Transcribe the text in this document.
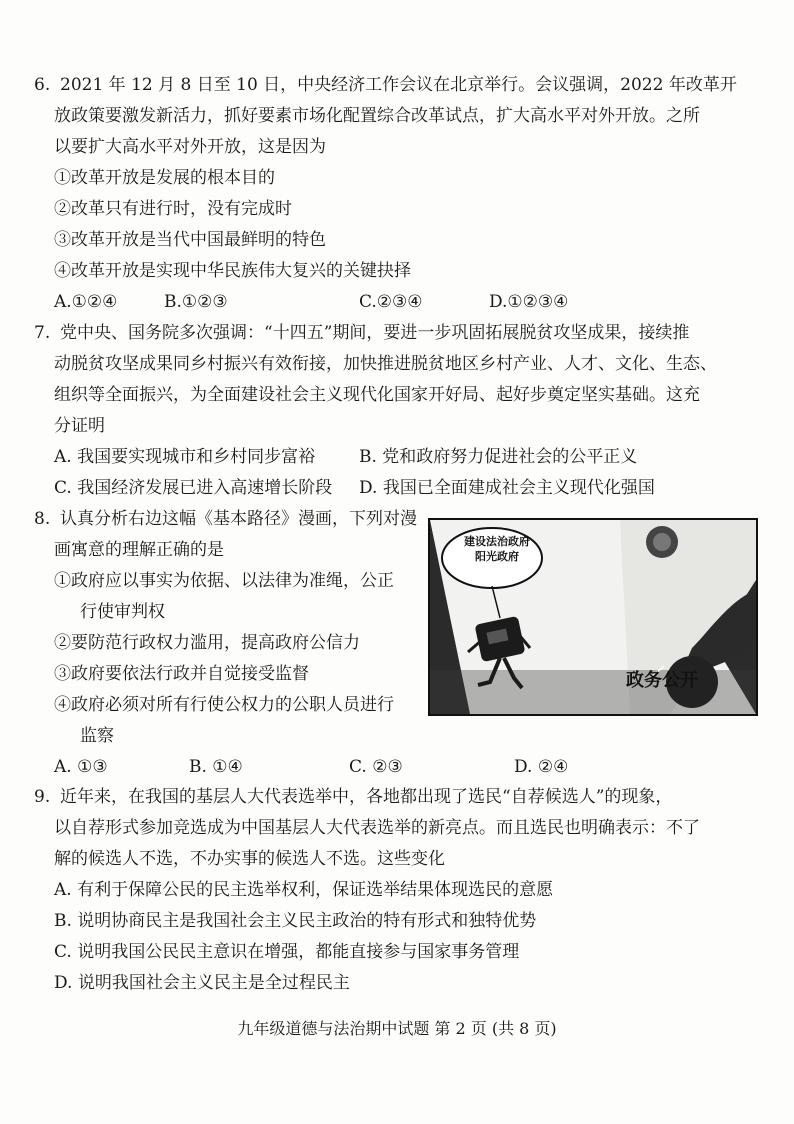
6. 2021 年 12 月 8 日至 10 日，中央经济工作会议在北京举行。会议强调，2022 年改革开
放政策要激发新活力，抓好要素市场化配置综合改革试点，扩大高水平对外开放。之所
以要扩大高水平对外开放，这是因为
①改革开放是发展的根本目的
②改革只有进行时，没有完成时
③改革开放是当代中国最鲜明的特色
④改革开放是实现中华民族伟大复兴的关键抉择
A.①②④	B.①②③	C.②③④	D.①②③④
7. 党中央、国务院多次强调：“十四五”期间，要进一步巩固拓展脱贫攻坚成果，接续推
动脱贫攻坚成果同乡村振兴有效衔接，加快推进脱贫地区乡村产业、人才、文化、生态、
组织等全面振兴，为全面建设社会主义现代化国家开好局、起好步奠定坚实基础。这充
分证明
A. 我国要实现城市和乡村同步富裕	B. 党和政府努力促进社会的公平正义
C. 我国经济发展已进入高速增长阶段	D. 我国已全面建成社会主义现代化强国
8. 认真分析右边这幅《基本路径》漫画，下列对漫
画寓意的理解正确的是
①政府应以事实为依据、以法律为准绳，公正
行使审判权
②要防范行政权力滥用，提高政府公信力
③政府要依法行政并自觉接受监督
④政府必须对所有行使公权力的公职人员进行
监察
A. ①③	B. ①④	C. ②③	D. ②④
建设法治政府
阳光政府
政务公开
9. 近年来，在我国的基层人大代表选举中，各地都出现了选民“自荐候选人”的现象，
以自荐形式参加竞选成为中国基层人大代表选举的新亮点。而且选民也明确表示：不了
解的候选人不选，不办实事的候选人不选。这些变化
A. 有利于保障公民的民主选举权利，保证选举结果体现选民的意愿
B. 说明协商民主是我国社会主义民主政治的特有形式和独特优势
C. 说明我国公民民主意识在增强，都能直接参与国家事务管理
D. 说明我国社会主义民主是全过程民主
九年级道德与法治期中试题 第 2 页 (共 8 页)
